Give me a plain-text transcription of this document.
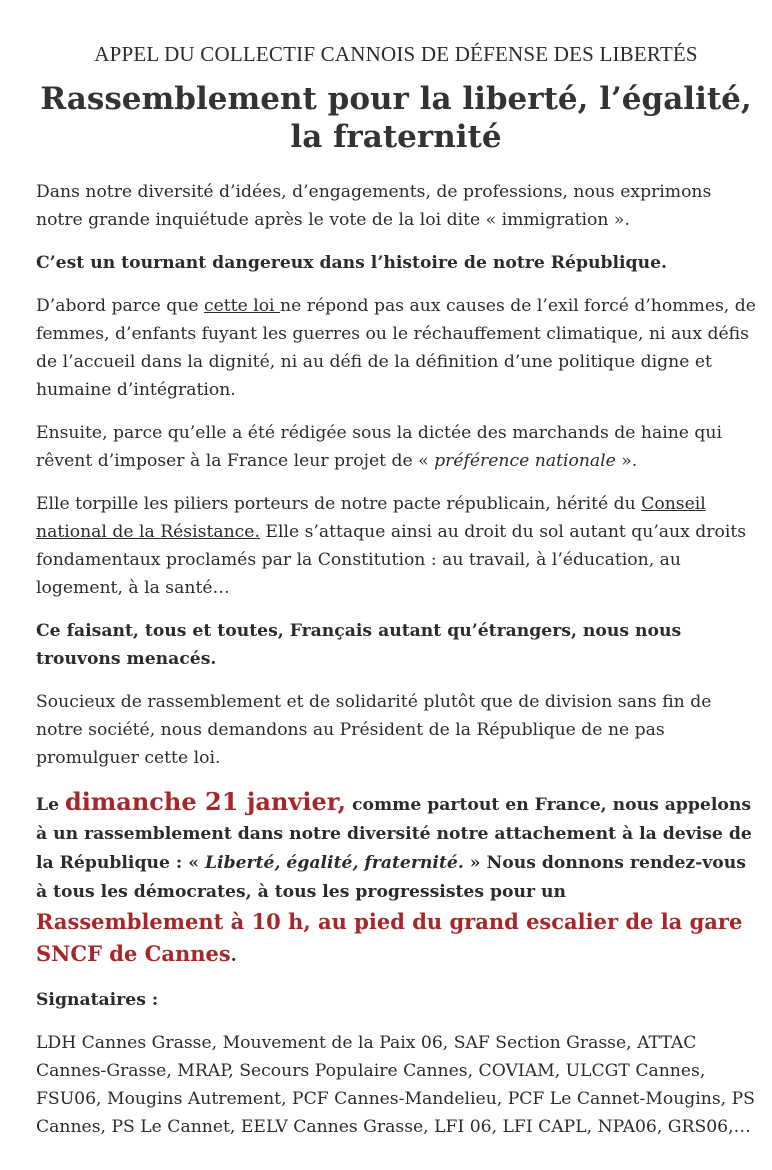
APPEL DU COLLECTIF CANNOIS DE DÉFENSE DES LIBERTÉS
Rassemblement pour la liberté, l’égalité, la fraternité

Dans notre diversité d’idées, d’engagements, de professions, nous exprimons notre grande inquiétude après le vote de la loi dite « immigration ».

C’est un tournant dangereux dans l’histoire de notre République.

D’abord parce que cette loi ne répond pas aux causes de l’exil forcé d’hommes, de femmes, d’enfants fuyant les guerres ou le réchauffement climatique, ni aux défis de l’accueil dans la dignité, ni au défi de la définition d’une politique digne et humaine d’intégration.

Ensuite, parce qu’elle a été rédigée sous la dictée des marchands de haine qui rêvent d’imposer à la France leur projet de « préférence nationale ».

Elle torpille les piliers porteurs de notre pacte républicain, hérité du Conseil national de la Résistance. Elle s’attaque ainsi au droit du sol autant qu’aux droits fondamentaux proclamés par la Constitution : au travail, à l’éducation, au logement, à la santé…

Ce faisant, tous et toutes, Français autant qu’étrangers, nous nous trouvons menacés.

Soucieux de rassemblement et de solidarité plutôt que de division sans fin de notre société, nous demandons au Président de la République de ne pas promulguer cette loi.

Le dimanche 21 janvier, comme partout en France, nous appelons à un rassemblement dans notre diversité notre attachement à la devise de la République : « Liberté, égalité, fraternité. » Nous donnons rendez-vous à tous les démocrates, à tous les progressistes pour un Rassemblement à 10 h, au pied du grand escalier de la gare SNCF de Cannes.

Signataires :

LDH Cannes Grasse, Mouvement de la Paix 06, SAF Section Grasse, ATTAC Cannes-Grasse, MRAP, Secours Populaire Cannes, COVIAM, ULCGT Cannes, FSU06, Mougins Autrement, PCF Cannes-Mandelieu, PCF Le Cannet-Mougins, PS Cannes, PS Le Cannet, EELV Cannes Grasse, LFI 06, LFI CAPL, NPA06, GRS06,…
